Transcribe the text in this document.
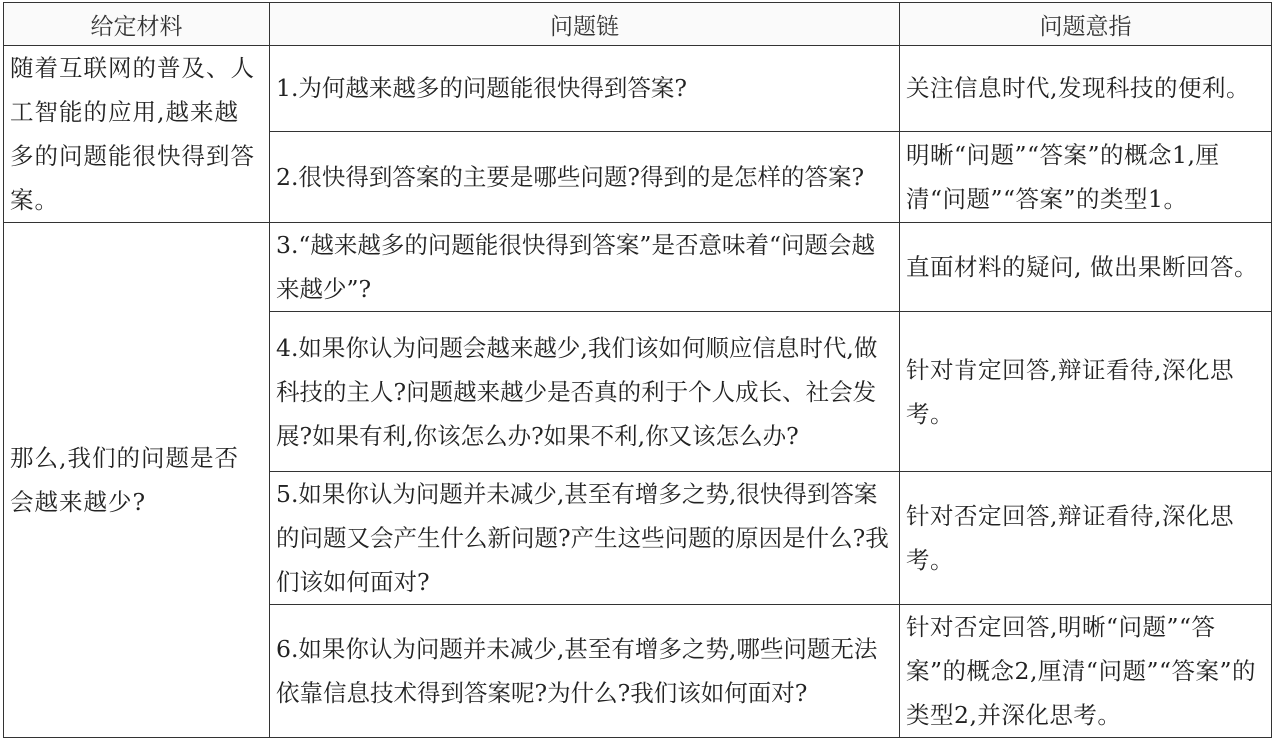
给定材料	问题链	问题意指

随着互联网的普及、人工智能的应用,越来越多的问题能很快得到答案。	1.为何越来越多的问题能很快得到答案?	关注信息时代,发现科技的便利。

	2.很快得到答案的主要是哪些问题?得到的是怎样的答案?	明晰“问题”“答案”的概念1,厘清“问题”“答案”的类型1。

那么,我们的问题是否会越来越少?	3.“越来越多的问题能很快得到答案”是否意味着“问题会越来越少”?	直面材料的疑问, 做出果断回答。

	4.如果你认为问题会越来越少,我们该如何顺应信息时代,做科技的主人?问题越来越少是否真的利于个人成长、社会发展?如果有利,你该怎么办?如果不利,你又该怎么办?	针对肯定回答,辩证看待,深化思考。

	5.如果你认为问题并未减少,甚至有增多之势,很快得到答案的问题又会产生什么新问题?产生这些问题的原因是什么?我们该如何面对?	针对否定回答,辩证看待,深化思考。

	6.如果你认为问题并未减少,甚至有增多之势,哪些问题无法依靠信息技术得到答案呢?为什么?我们该如何面对?	针对否定回答,明晰“问题”“答案”的概念2,厘清“问题”“答案”的类型2,并深化思考。
